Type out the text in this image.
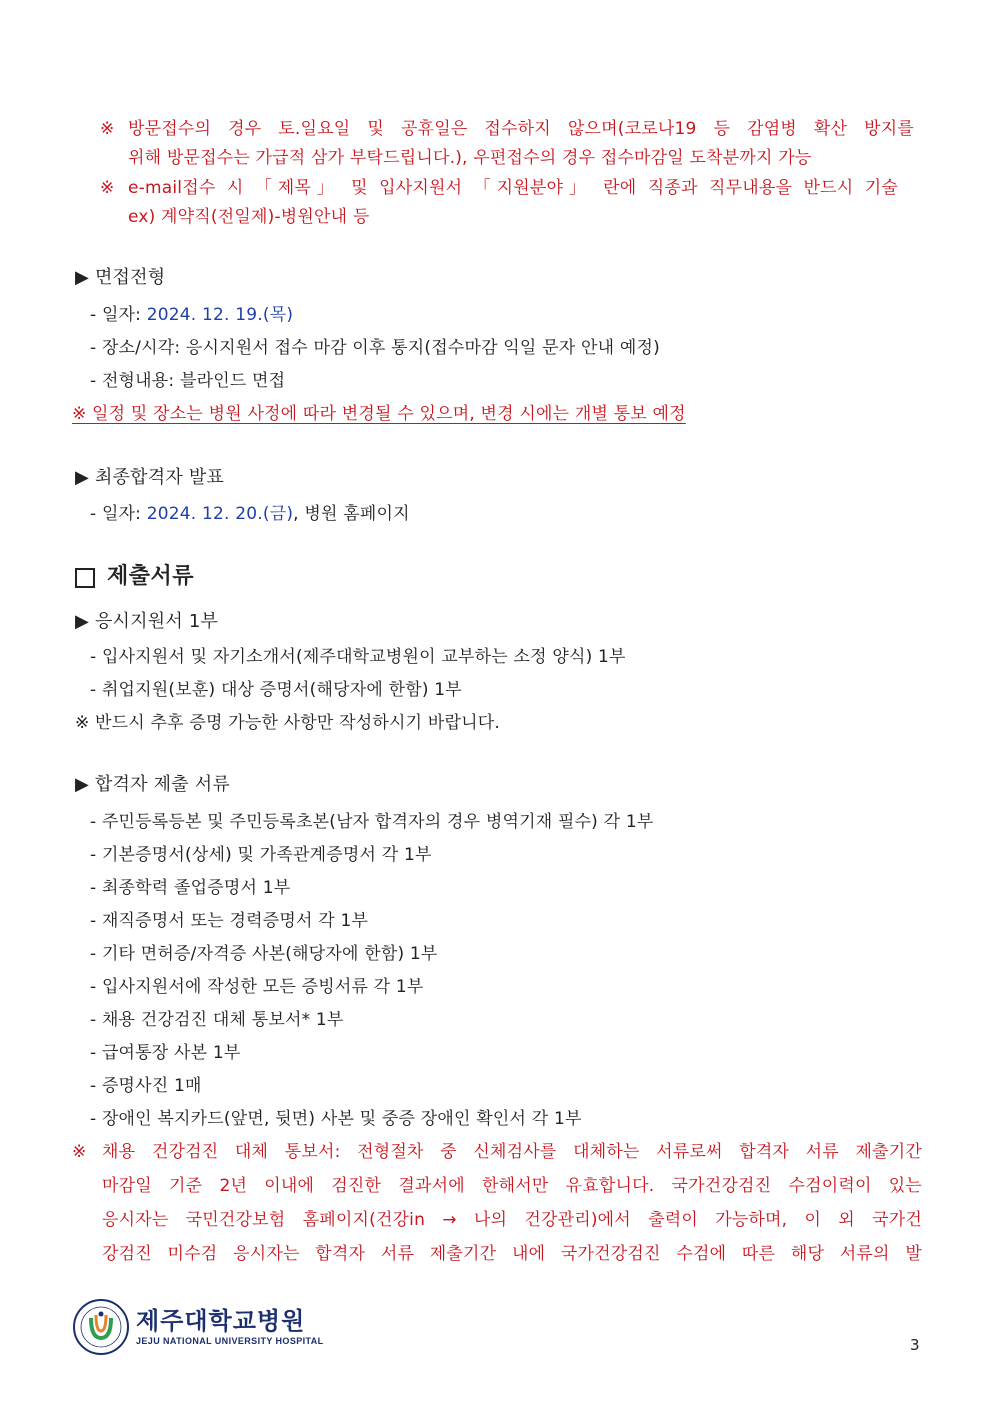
※ 방문접수의 경우 토.일요일 및 공휴일은 접수하지 않으며(코로나19 등 감염병 확산 방지를
위해 방문접수는 가급적 삼가 부탁드립니다.), 우편접수의 경우 접수마감일 도착분까지 가능
※ e-mail접수 시 「제목」 및 입사지원서 「지원분야」 란에 직종과 직무내용을 반드시 기술
ex) 계약직(전일제)-병원안내 등
▶ 면접전형
- 일자: 2024. 12. 19.(목)
- 장소/시각: 응시지원서 접수 마감 이후 통지(접수마감 익일 문자 안내 예정)
- 전형내용: 블라인드 면접
※ 일정 및 장소는 병원 사정에 따라 변경될 수 있으며, 변경 시에는 개별 통보 예정
▶ 최종합격자 발표
- 일자: 2024. 12. 20.(금), 병원 홈페이지
제출서류
▶ 응시지원서 1부
- 입사지원서 및 자기소개서(제주대학교병원이 교부하는 소정 양식) 1부
- 취업지원(보훈) 대상 증명서(해당자에 한함) 1부
※ 반드시 추후 증명 가능한 사항만 작성하시기 바랍니다.
▶ 합격자 제출 서류
- 주민등록등본 및 주민등록초본(남자 합격자의 경우 병역기재 필수) 각 1부
- 기본증명서(상세) 및 가족관계증명서 각 1부
- 최종학력 졸업증명서 1부
- 재직증명서 또는 경력증명서 각 1부
- 기타 면허증/자격증 사본(해당자에 한함) 1부
- 입사지원서에 작성한 모든 증빙서류 각 1부
- 채용 건강검진 대체 통보서* 1부
- 급여통장 사본 1부
- 증명사진 1매
- 장애인 복지카드(앞면, 뒷면) 사본 및 중증 장애인 확인서 각 1부
※ 채용 건강검진 대체 통보서: 전형절차 중 신체검사를 대체하는 서류로써 합격자 서류 제출기간
마감일 기준 2년 이내에 검진한 결과서에 한해서만 유효합니다. 국가건강검진 수검이력이 있는
응시자는 국민건강보험 홈페이지(건강in → 나의 건강관리)에서 출력이 가능하며, 이 외 국가건
강검진 미수검 응시자는 합격자 서류 제출기간 내에 국가건강검진 수검에 따른 해당 서류의 발
제주대학교병원
JEJU NATIONAL UNIVERSITY HOSPITAL	3
